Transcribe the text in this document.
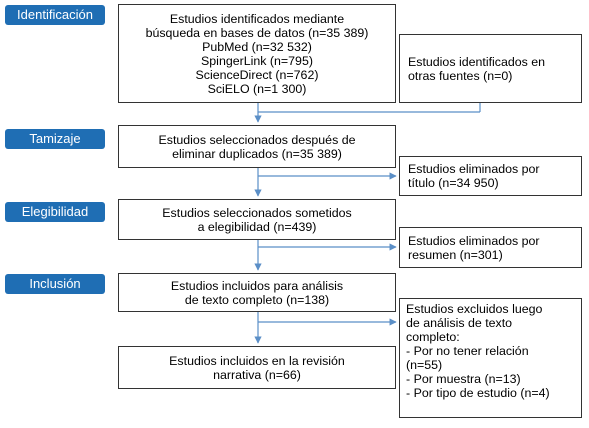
Identificación
Tamizaje
Elegibilidad
Inclusión
Estudios identificados mediante
búsqueda en bases de datos (n=35 389)
PubMed (n=32 532)
SpingerLink (n=795)
ScienceDirect (n=762)
SciELO (n=1 300)
Estudios seleccionados después de
eliminar duplicados (n=35 389)
Estudios seleccionados sometidos
a elegibilidad (n=439)
Estudios incluidos para análisis
de texto completo (n=138)
Estudios incluidos en la revisión
narrativa (n=66)
Estudios identificados en
otras fuentes (n=0)
Estudios eliminados por
título (n=34 950)
Estudios eliminados por
resumen (n=301)
Estudios excluidos luego
de análisis de texto
completo:
- Por no tener relación
(n=55)
- Por muestra (n=13)
- Por tipo de estudio (n=4)
